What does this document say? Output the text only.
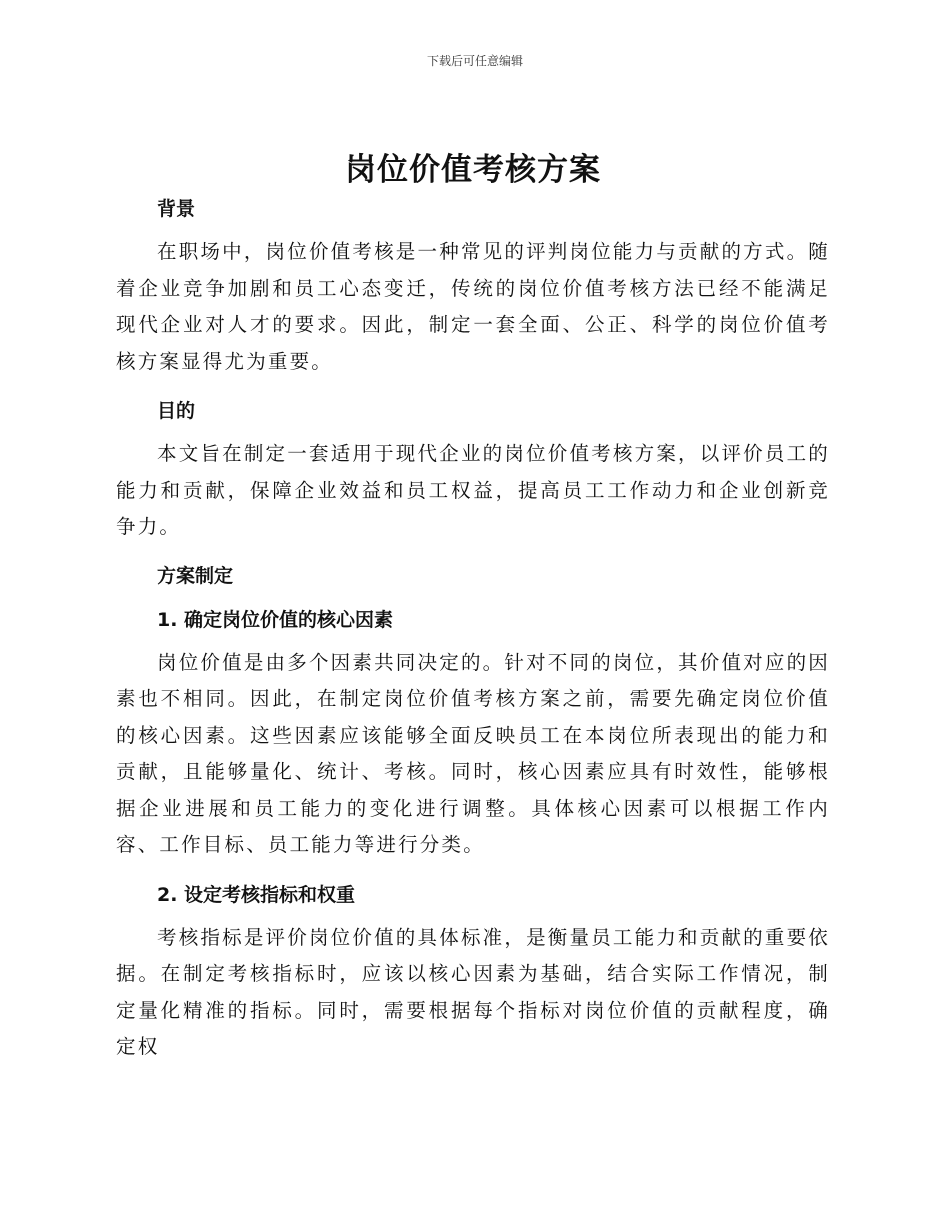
下载后可任意编辑
岗位价值考核方案
背景

在职场中，岗位价值考核是一种常见的评判岗位能力与贡献的方式。随着企业竞争加剧和员工心态变迁，传统的岗位价值考核方法已经不能满足现代企业对人才的要求。因此，制定一套全面、公正、科学的岗位价值考核方案显得尤为重要。

目的

本文旨在制定一套适用于现代企业的岗位价值考核方案，以评价员工的能力和贡献，保障企业效益和员工权益，提高员工工作动力和企业创新竞争力。

方案制定
1. 确定岗位价值的核心因素

岗位价值是由多个因素共同决定的。针对不同的岗位，其价值对应的因素也不相同。因此，在制定岗位价值考核方案之前，需要先确定岗位价值的核心因素。这些因素应该能够全面反映员工在本岗位所表现出的能力和贡献，且能够量化、统计、考核。同时，核心因素应具有时效性，能够根据企业进展和员工能力的变化进行调整。具体核心因素可以根据工作内容、工作目标、员工能力等进行分类。

2. 设定考核指标和权重

考核指标是评价岗位价值的具体标准，是衡量员工能力和贡献的重要依据。在制定考核指标时，应该以核心因素为基础，结合实际工作情况，制定量化精准的指标。同时，需要根据每个指标对岗位价值的贡献程度，确定权
